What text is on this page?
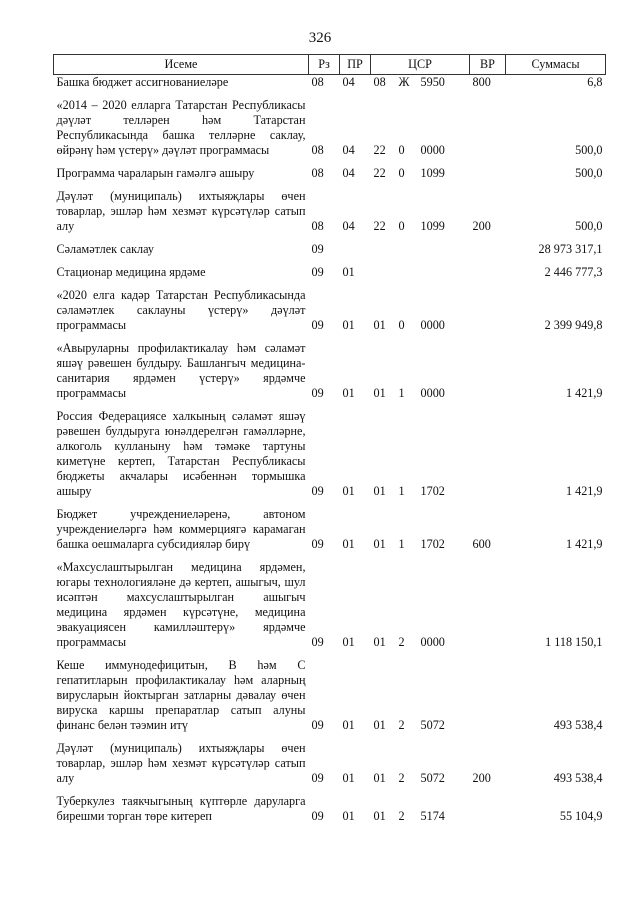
326
Исеме	Рз	ПР	ЦСР			ВР	Суммасы
Башка бюджет ассигнованиеләре	08	04	08	Ж	5950	800	6,8

«2014 – 2020 елларга Татарстан Республикасы дәүләт телләрен һәм Татарстан Республикасында башка телләрне саклау, өйрәнү һәм үстерү» дәүләт программасы	08	04	22	0	0000		500,0

Программа чараларын гамәлгә ашыру	08	04	22	0	1099		500,0

Дәүләт (муниципаль) ихтыяҗлары өчен товарлар, эшләр һәм хезмәт күрсәтүләр сатып алу	08	04	22	0	1099	200	500,0

Сәламәтлек саклау	09						28 973 317,1

Стационар медицина ярдәме	09	01					2 446 777,3

«2020 елга кадәр Татарстан Республикасында сәламәтлек саклауны үстерү» дәүләт программасы	09	01	01	0	0000		2 399 949,8

«Авыруларны профилактикалау һәм сәламәт яшәү рәвешен булдыру. Башлангыч медицина-санитария ярдәмен үстерү» ярдәмче программасы	09	01	01	1	0000		1 421,9

Россия Федерациясе халкының сәламәт яшәү рәвешен булдыруга юнәлдерелгән гамәлләрне, алкоголь кулланыну һәм тәмәке тартуны киметүне кертеп, Татарстан Республикасы бюджеты акчалары исәбеннән тормышка ашыру	09	01	01	1	1702		1 421,9

Бюджет учреждениеләренә, автоном учреждениеләргә һәм коммерциягә карамаган башка оешмаларга субсидияләр бирү	09	01	01	1	1702	600	1 421,9

«Махсуслаштырылган медицина ярдәмен, югары технологияләне дә кертеп, ашыгыч, шул исәптән махсуслаштырылган ашыгыч медицина ярдәмен күрсәтүне, медицина эвакуациясен камилләштерү» ярдәмче программасы	09	01	01	2	0000		1 118 150,1

Кеше иммунодефицитын, B һәм C гепатитларын профилактикалау һәм аларның вирусларын йоктырган затларны дәвалау өчен вируска каршы препаратлар сатып алуны финанс белән тәэмин итү	09	01	01	2	5072		493 538,4

Дәүләт (муниципаль) ихтыяҗлары өчен товарлар, эшләр һәм хезмәт күрсәтүләр сатып алу	09	01	01	2	5072	200	493 538,4

Туберкулез таякчыгының күптөрле даруларга бирешми торган төре китереп	09	01	01	2	5174		55 104,9
